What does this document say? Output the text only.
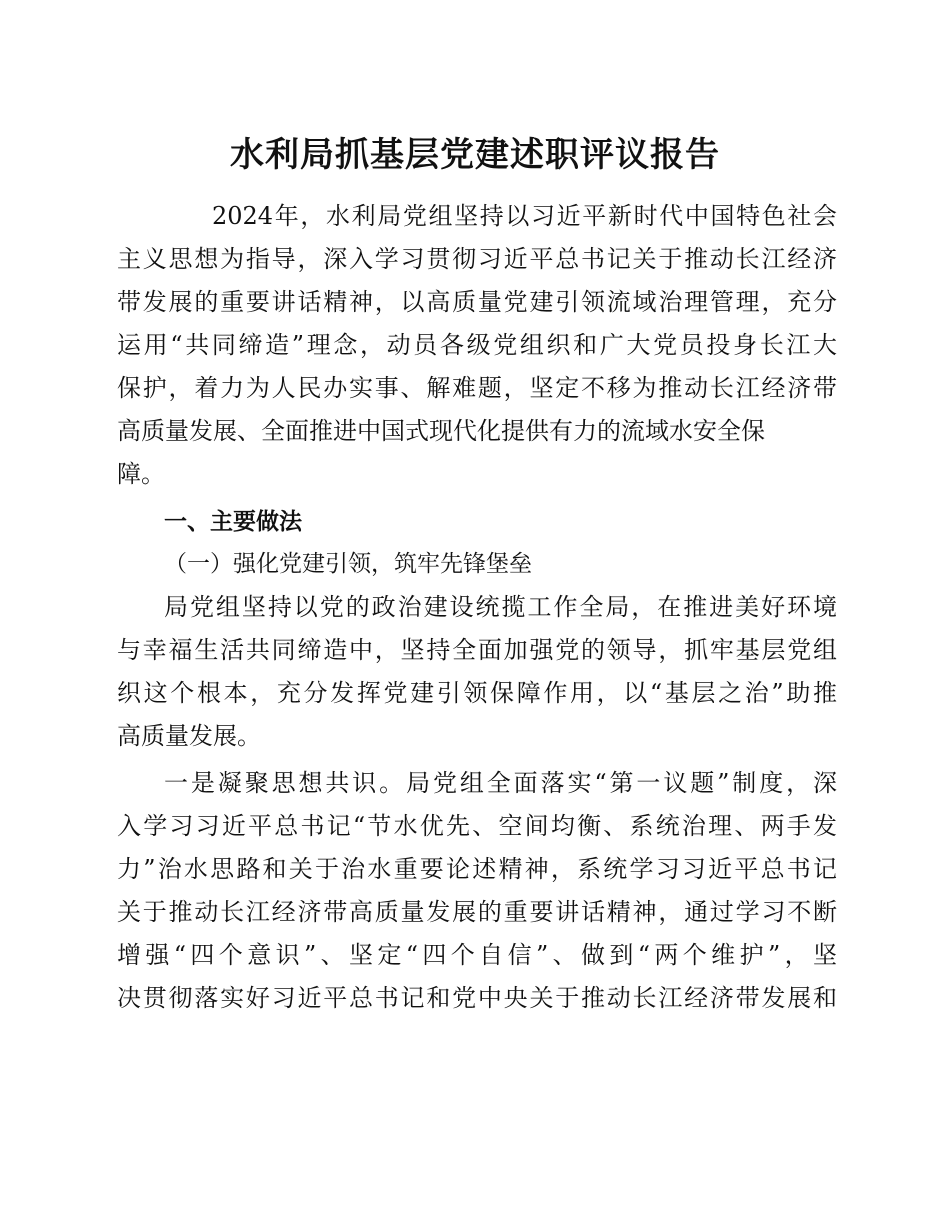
水利局抓基层党建述职评议报告

2024年，水利局党组坚持以习近平新时代中国特色社会

主义思想为指导，深入学习贯彻习近平总书记关于推动长江经济

带发展的重要讲话精神，以高质量党建引领流域治理管理，充分

运用“共同缔造”理念，动员各级党组织和广大党员投身长江大

保护，着力为人民办实事、解难题，坚定不移为推动长江经济带

高质量发展、全面推进中国式现代化提供有力的流域水安全保

障。

一、主要做法

（一）强化党建引领，筑牢先锋堡垒

局党组坚持以党的政治建设统揽工作全局，在推进美好环境

与幸福生活共同缔造中，坚持全面加强党的领导，抓牢基层党组

织这个根本，充分发挥党建引领保障作用，以“基层之治”助推

高质量发展。

一是凝聚思想共识。局党组全面落实“第一议题”制度，深

入学习习近平总书记“节水优先、空间均衡、系统治理、两手发

力”治水思路和关于治水重要论述精神，系统学习习近平总书记

关于推动长江经济带高质量发展的重要讲话精神，通过学习不断

增强“四个意识”、坚定“四个自信”、做到“两个维护”，坚

决贯彻落实好习近平总书记和党中央关于推动长江经济带发展和
